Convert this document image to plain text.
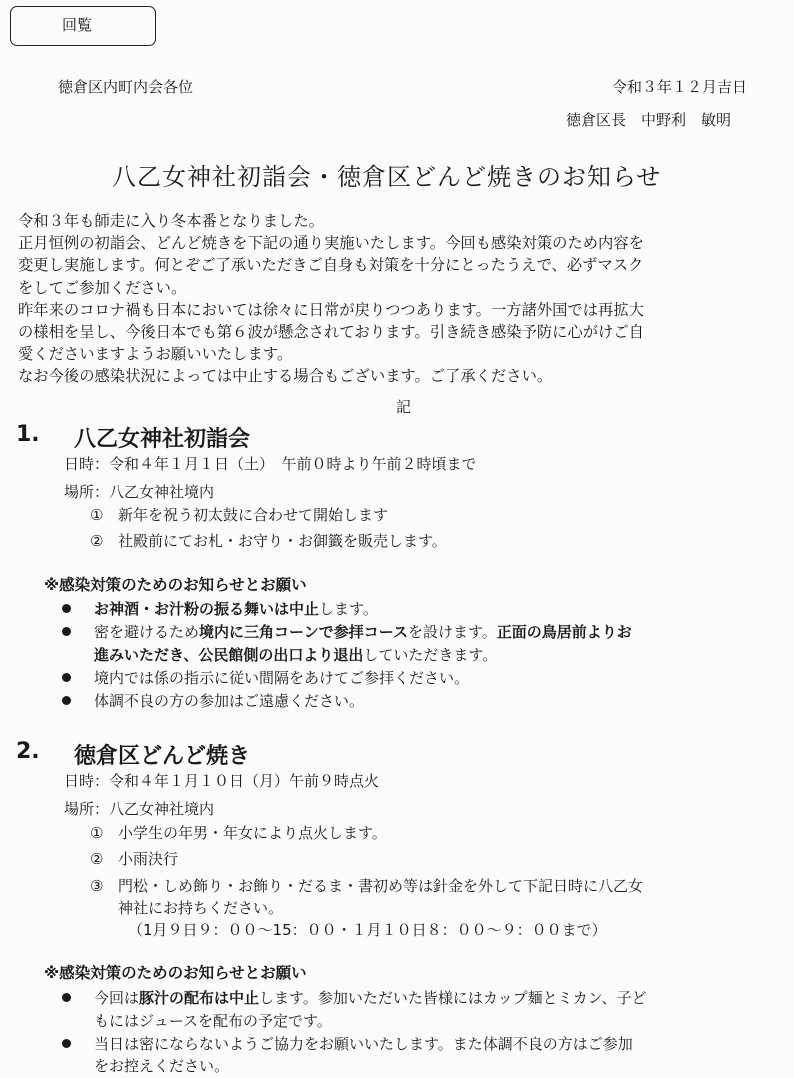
回覧
徳倉区内町内会各位	令和３年１２月吉日
徳倉区長　中野利　敏明
八乙女神社初詣会・徳倉区どんど焼きのお知らせ
令和３年も師走に入り冬本番となりました。
正月恒例の初詣会、どんど焼きを下記の通り実施いたします。今回も感染対策のため内容を
変更し実施します。何とぞご了承いただきご自身も対策を十分にとったうえで、必ずマスク
をしてご参加ください。
昨年来のコロナ禍も日本においては徐々に日常が戻りつつあります。一方諸外国では再拡大
の様相を呈し、今後日本でも第６波が懸念されております。引き続き感染予防に心がけご自
愛くださいますようお願いいたします。
なお今後の感染状況によっては中止する場合もございます。ご了承ください。
記
1. 八乙女神社初詣会
日時：令和４年１月１日（土）　午前０時より午前２時頃まで
場所：八乙女神社境内
① 新年を祝う初太鼓に合わせて開始します
② 社殿前にてお札・お守り・お御籤を販売します。
※感染対策のためのお知らせとお願い
お神酒・お汁粉の振る舞いは中止します。
密を避けるため境内に三角コーンで参拝コースを設けます。正面の鳥居前よりお
進みいただき、公民館側の出口より退出していただきます。
境内では係の指示に従い間隔をあけてご参拝ください。
体調不良の方の参加はご遠慮ください。
2. 徳倉区どんど焼き
日時：令和４年１月１０日（月）午前９時点火
場所：八乙女神社境内
① 小学生の年男・年女により点火します。
② 小雨決行
③ 門松・しめ飾り・お飾り・だるま・書初め等は針金を外して下記日時に八乙女
神社にお持ちください。
（1月９日９：００～15：００・１月１０日８：００～９：００まで）
※感染対策のためのお知らせとお願い
今回は豚汁の配布は中止します。参加いただいた皆様にはカップ麺とミカン、子ど
もにはジュースを配布の予定です。
当日は密にならないようご協力をお願いいたします。また体調不良の方はご参加
をお控えください。
